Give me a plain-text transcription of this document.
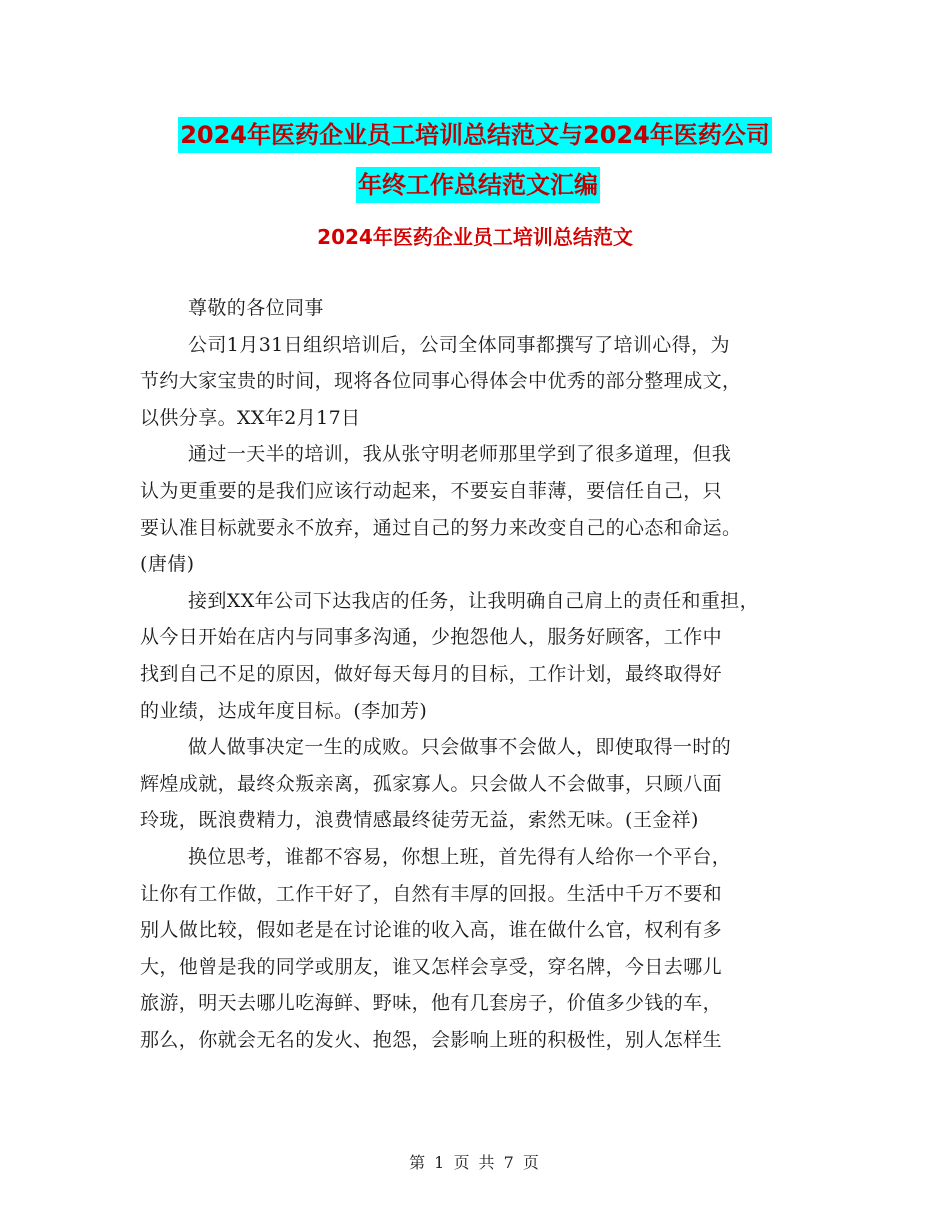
2024年医药企业员工培训总结范文与2024年医药公司
年终工作总结范文汇编
2024年医药企业员工培训总结范文
尊敬的各位同事
公司1月31日组织培训后，公司全体同事都撰写了培训心得，为
节约大家宝贵的时间，现将各位同事心得体会中优秀的部分整理成文，
以供分享。XX年2月17日
通过一天半的培训，我从张守明老师那里学到了很多道理，但我
认为更重要的是我们应该行动起来，不要妄自菲薄，要信任自己，只
要认准目标就要永不放弃，通过自己的努力来改变自己的心态和命运。
(唐倩)
接到XX年公司下达我店的任务，让我明确自己肩上的责任和重担，
从今日开始在店内与同事多沟通，少抱怨他人，服务好顾客，工作中
找到自己不足的原因，做好每天每月的目标，工作计划，最终取得好
的业绩，达成年度目标。(李加芳)
做人做事决定一生的成败。只会做事不会做人，即使取得一时的
辉煌成就，最终众叛亲离，孤家寡人。只会做人不会做事，只顾八面
玲珑，既浪费精力，浪费情感最终徒劳无益，索然无味。(王金祥)
换位思考，谁都不容易，你想上班，首先得有人给你一个平台，
让你有工作做，工作干好了，自然有丰厚的回报。生活中千万不要和
别人做比较，假如老是在讨论谁的收入高，谁在做什么官，权利有多
大，他曾是我的同学或朋友，谁又怎样会享受，穿名牌，今日去哪儿
旅游，明天去哪儿吃海鲜、野味，他有几套房子，价值多少钱的车，
那么，你就会无名的发火、抱怨，会影响上班的积极性，别人怎样生
第 1 页 共 7 页
